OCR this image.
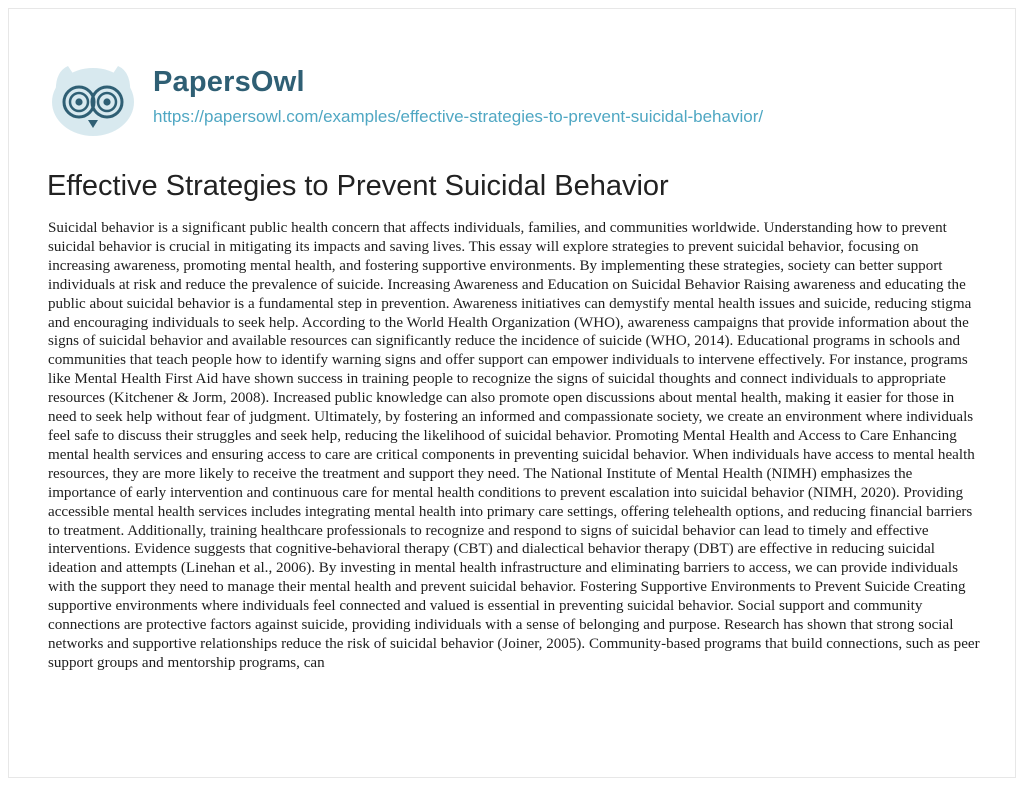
PapersOwl
https://papersowl.com/examples/effective-strategies-to-prevent-suicidal-behavior/
Effective Strategies to Prevent Suicidal Behavior

Suicidal behavior is a significant public health concern that affects individuals, families, and communities worldwide. Understanding how to prevent suicidal behavior is crucial in mitigating its impacts and saving lives. This essay will explore strategies to prevent suicidal behavior, focusing on increasing awareness, promoting mental health, and fostering supportive environments. By implementing these strategies, society can better support individuals at risk and reduce the prevalence of suicide. Increasing Awareness and Education on Suicidal Behavior Raising awareness and educating the public about suicidal behavior is a fundamental step in prevention. Awareness initiatives can demystify mental health issues and suicide, reducing stigma and encouraging individuals to seek help. According to the World Health Organization (WHO), awareness campaigns that provide information about the signs of suicidal behavior and available resources can significantly reduce the incidence of suicide (WHO, 2014). Educational programs in schools and communities that teach people how to identify warning signs and offer support can empower individuals to intervene effectively. For instance, programs like Mental Health First Aid have shown success in training people to recognize the signs of suicidal thoughts and connect individuals to appropriate resources (Kitchener & Jorm, 2008). Increased public knowledge can also promote open discussions about mental health, making it easier for those in need to seek help without fear of judgment. Ultimately, by fostering an informed and compassionate society, we create an environment where individuals feel safe to discuss their struggles and seek help, reducing the likelihood of suicidal behavior. Promoting Mental Health and Access to Care Enhancing mental health services and ensuring access to care are critical components in preventing suicidal behavior. When individuals have access to mental health resources, they are more likely to receive the treatment and support they need. The National Institute of Mental Health (NIMH) emphasizes the importance of early intervention and continuous care for mental health conditions to prevent escalation into suicidal behavior (NIMH, 2020). Providing accessible mental health services includes integrating mental health into primary care settings, offering telehealth options, and reducing financial barriers to treatment. Additionally, training healthcare professionals to recognize and respond to signs of suicidal behavior can lead to timely and effective interventions. Evidence suggests that cognitive-behavioral therapy (CBT) and dialectical behavior therapy (DBT) are effective in reducing suicidal ideation and attempts (Linehan et al., 2006). By investing in mental health infrastructure and eliminating barriers to access, we can provide individuals with the support they need to manage their mental health and prevent suicidal behavior. Fostering Supportive Environments to Prevent Suicide Creating supportive environments where individuals feel connected and valued is essential in preventing suicidal behavior. Social support and community connections are protective factors against suicide, providing individuals with a sense of belonging and purpose. Research has shown that strong social networks and supportive relationships reduce the risk of suicidal behavior (Joiner, 2005). Community-based programs that build connections, such as peer support groups and mentorship programs, can
